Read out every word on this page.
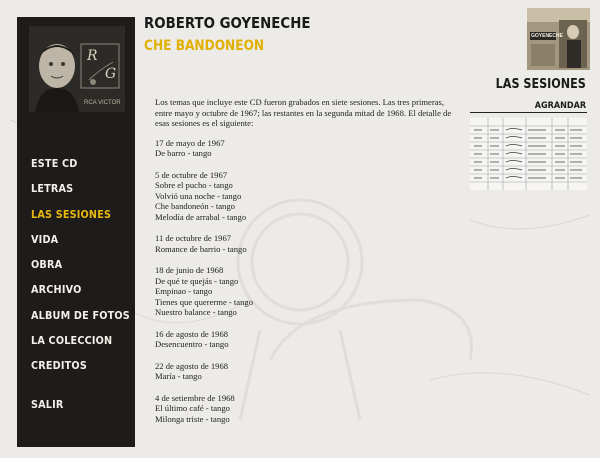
R
G
RCA VICTOR
ESTE CD
LETRAS
LAS SESIONES
VIDA
OBRA
ARCHIVO
ALBUM DE FOTOS
LA COLECCION
CREDITOS
SALIR
ROBERTO GOYENECHE
CHE BANDONEON

Los temas que incluye este CD fueron grabados en siete sesiones. Las tres primeras, entre mayo y octubre de 1967; las restantes en la segunda mitad de 1968. El detalle de esas sesiones es el siguiente:

17 de mayo de 1967
De barro - tango
5 de octubre de 1967
Sobre el pucho - tango
Volvió una noche - tango
Che bandoneón - tango
Melodía de arrabal - tango
11 de octubre de 1967
Romance de barrio - tango
18 de junio de 1968
De qué te quejás - tango
Empinao - tango
Tienes que quererme - tango
Nuestro balance - tango
16 de agosto de 1968
Desencuentro - tango
22 de agosto de 1968
María - tango
4 de setiembre de 1968
El último café - tango
Milonga triste - tango
GOYENECHE
LAS SESIONES
AGRANDAR
